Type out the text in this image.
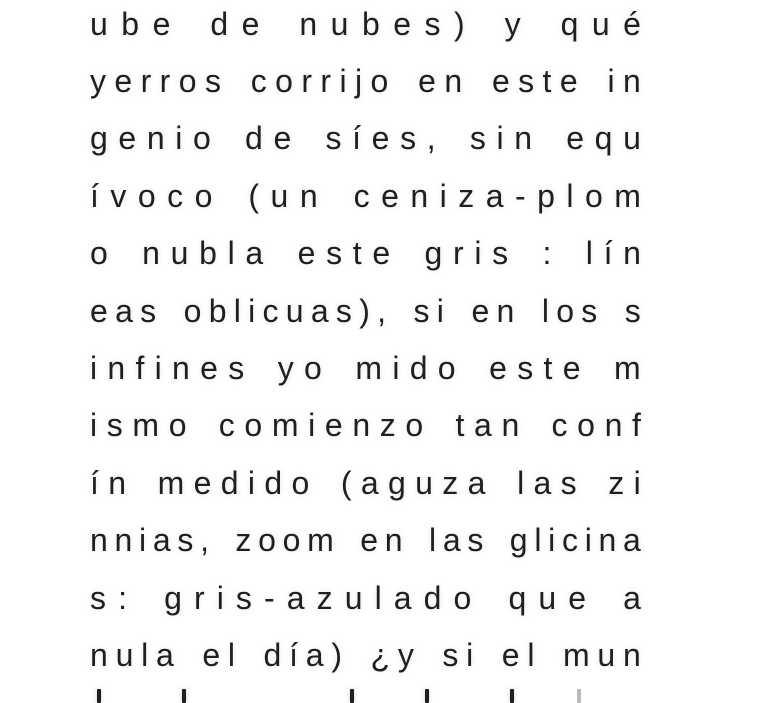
u b e d e n u b e s ) y q u é
y e r r o s c o r r i j o e n e s t e i n
g e n i o d e s í e s , s i n e q u
í v o c o ( u n c e n i z a - p l o m
o n u b l a e s t e g r i s : l í n
e a s o b l i c u a s ) , s i e n l o s s
i n f i n e s y o m i d o e s t e m
i s m o c o m i e n z o t a n c o n f
í n m e d i d o ( a g u z a l a s z i
n n i a s , z o o m e n l a s g l i c i n a
s : g r i s - a z u l a d o q u e a
n u l a e l d í a ) ¿ y s i e l m u n
